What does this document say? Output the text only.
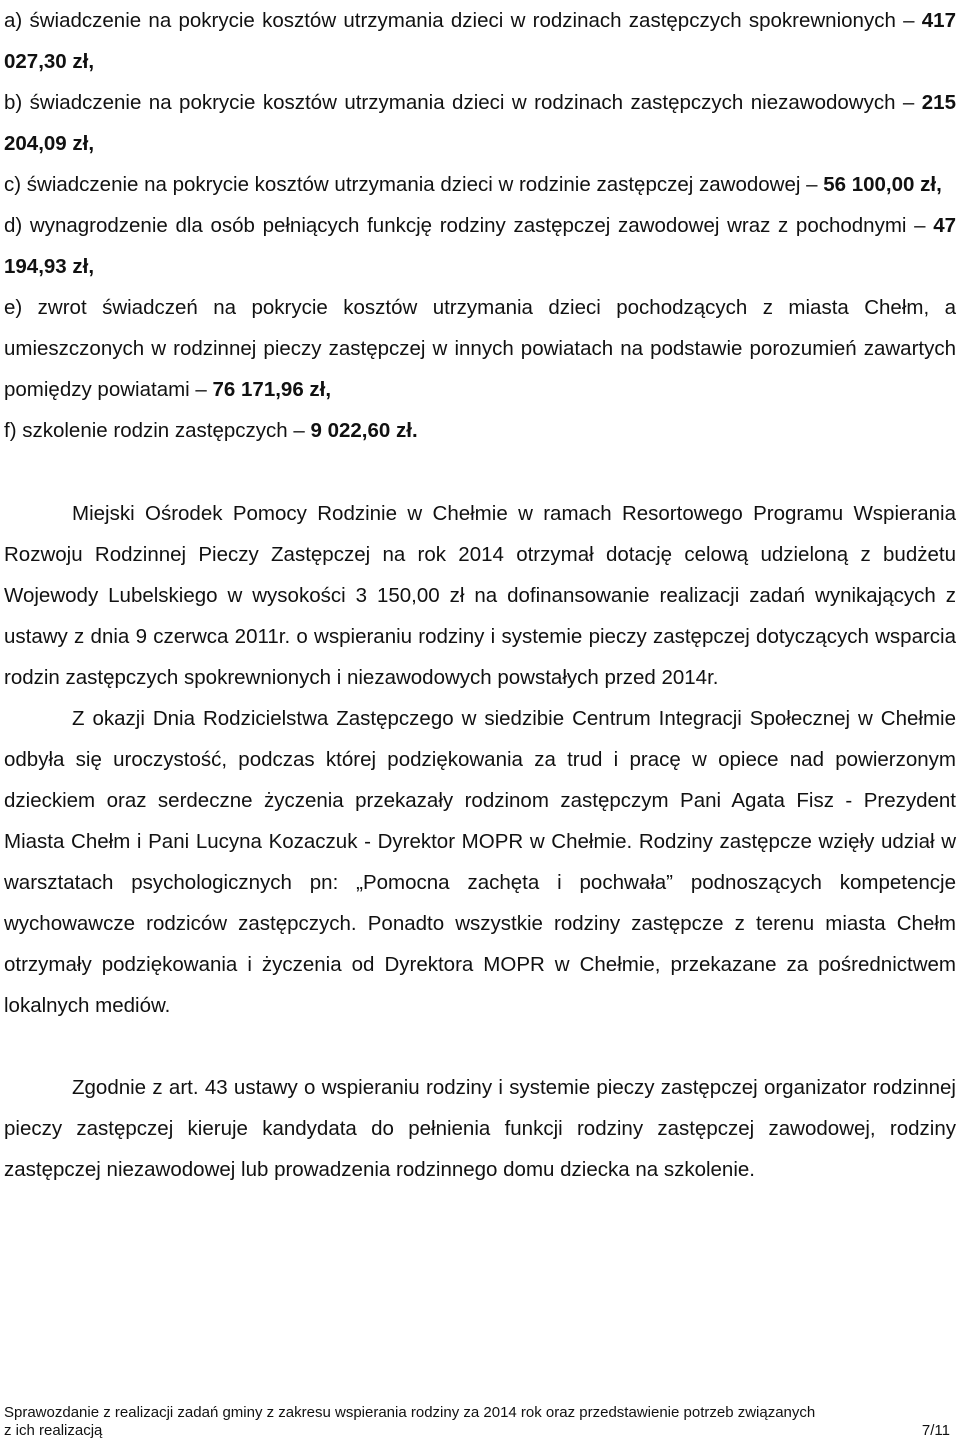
a) świadczenie na pokrycie kosztów utrzymania dzieci w rodzinach zastępczych spokrewnionych – 417 027,30 zł,

b) świadczenie na pokrycie kosztów utrzymania dzieci w rodzinach zastępczych niezawodowych – 215 204,09 zł,

c) świadczenie na pokrycie kosztów utrzymania dzieci w rodzinie zastępczej zawodowej – 56 100,00 zł,

d) wynagrodzenie dla osób pełniących funkcję rodziny zastępczej zawodowej wraz z pochodnymi – 47 194,93 zł,

e) zwrot świadczeń na pokrycie kosztów utrzymania dzieci pochodzących z miasta Chełm, a umieszczonych w rodzinnej pieczy zastępczej w innych powiatach na podstawie porozumień zawartych pomiędzy powiatami – 76 171,96 zł,

f) szkolenie rodzin zastępczych – 9 022,60 zł.

Miejski Ośrodek Pomocy Rodzinie w Chełmie w ramach Resortowego Programu Wspierania Rozwoju Rodzinnej Pieczy Zastępczej na rok 2014 otrzymał dotację celową udzieloną z budżetu Wojewody Lubelskiego w wysokości 3 150,00 zł na dofinansowanie realizacji zadań wynikających z ustawy z dnia 9 czerwca 2011r. o wspieraniu rodziny i systemie pieczy zastępczej dotyczących wsparcia rodzin zastępczych spokrewnionych i niezawodowych powstałych przed 2014r.

Z okazji Dnia Rodzicielstwa Zastępczego w siedzibie Centrum Integracji Społecznej w Chełmie odbyła się uroczystość, podczas której podziękowania za trud i pracę w opiece nad powierzonym dzieckiem oraz serdeczne życzenia przekazały rodzinom zastępczym Pani Agata Fisz - Prezydent Miasta Chełm i Pani Lucyna Kozaczuk - Dyrektor MOPR w Chełmie. Rodziny zastępcze wzięły udział w warsztatach psychologicznych pn: „Pomocna zachęta i pochwała” podnoszących kompetencje wychowawcze rodziców zastępczych. Ponadto wszystkie rodziny zastępcze z terenu miasta Chełm otrzymały podziękowania i życzenia od Dyrektora MOPR w Chełmie, przekazane za pośrednictwem lokalnych mediów.

Zgodnie z art. 43 ustawy o wspieraniu rodziny i systemie pieczy zastępczej organizator rodzinnej pieczy zastępczej kieruje kandydata do pełnienia funkcji rodziny zastępczej zawodowej, rodziny zastępczej niezawodowej lub prowadzenia rodzinnego domu dziecka na szkolenie.

Sprawozdanie z realizacji zadań gminy z zakresu wspierania rodziny za 2014 rok oraz przedstawienie potrzeb związanych
z ich realizacją	7/11
